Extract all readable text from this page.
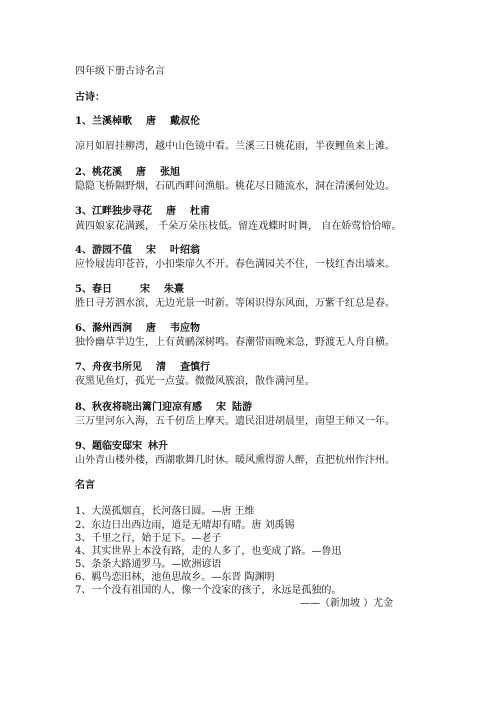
四年级下册古诗名言
古诗：
1、兰溪棹歌 唐 戴叔伦
凉月如眉挂柳湾，越中山色镜中看。兰溪三日桃花雨，半夜鲤鱼来上滩。
2、桃花溪 唐 张旭
隐隐飞桥隔野烟，石矶西畔问渔船。桃花尽日随流水，洞在清溪何处边。
3、江畔独步寻花 唐 杜甫
黄四娘家花满蹊， 千朵万朵压枝低。留连戏蝶时时舞， 自在娇莺恰恰啼。
4、游园不值 宋 叶绍翁
应怜屐齿印苍苔，小扣柴扉久不开。春色满园关不住，一枝红杏出墙来。
5、春日	宋 朱熹
胜日寻芳泗水滨，无边光景一时新。等闲识得东风面，万紫千红总是春。
6、滁州西涧 唐 韦应物
独怜幽草半边生，上有黄鹂深树鸣。春潮带雨晚来急，野渡无人舟自横。
7、舟夜书所见 清 查慎行
夜黑见鱼灯，孤光一点萤。微微风簇浪，散作满河星。
8、秋夜将晓出篱门迎凉有感 宋 陆游
三万里河东入海，五千仞岳上摩天。遗民泪进胡晨里，南望王师又一年。
9、题临安邸宋 林升
山外青山楼外楼，西湖歌舞几时休。暖风熏得游人醉，直把杭州作汴州。
名言
1、大漠孤烟直，长河落日圆。—唐 王维
2、东边日出西边雨，道是无晴却有晴。唐 刘禹锡
3、千里之行，始于足下。—老子
4、其实世界上本没有路，走的人多了，也变成了路。—鲁迅
5、条条大路通罗马。—欧洲谚语
6、羁鸟恋旧林，池鱼思故乡。—东晋 陶渊明
7、一个没有祖国的人，像一个没家的孩子，永远是孤独的。
——（新加坡 ）尤金
